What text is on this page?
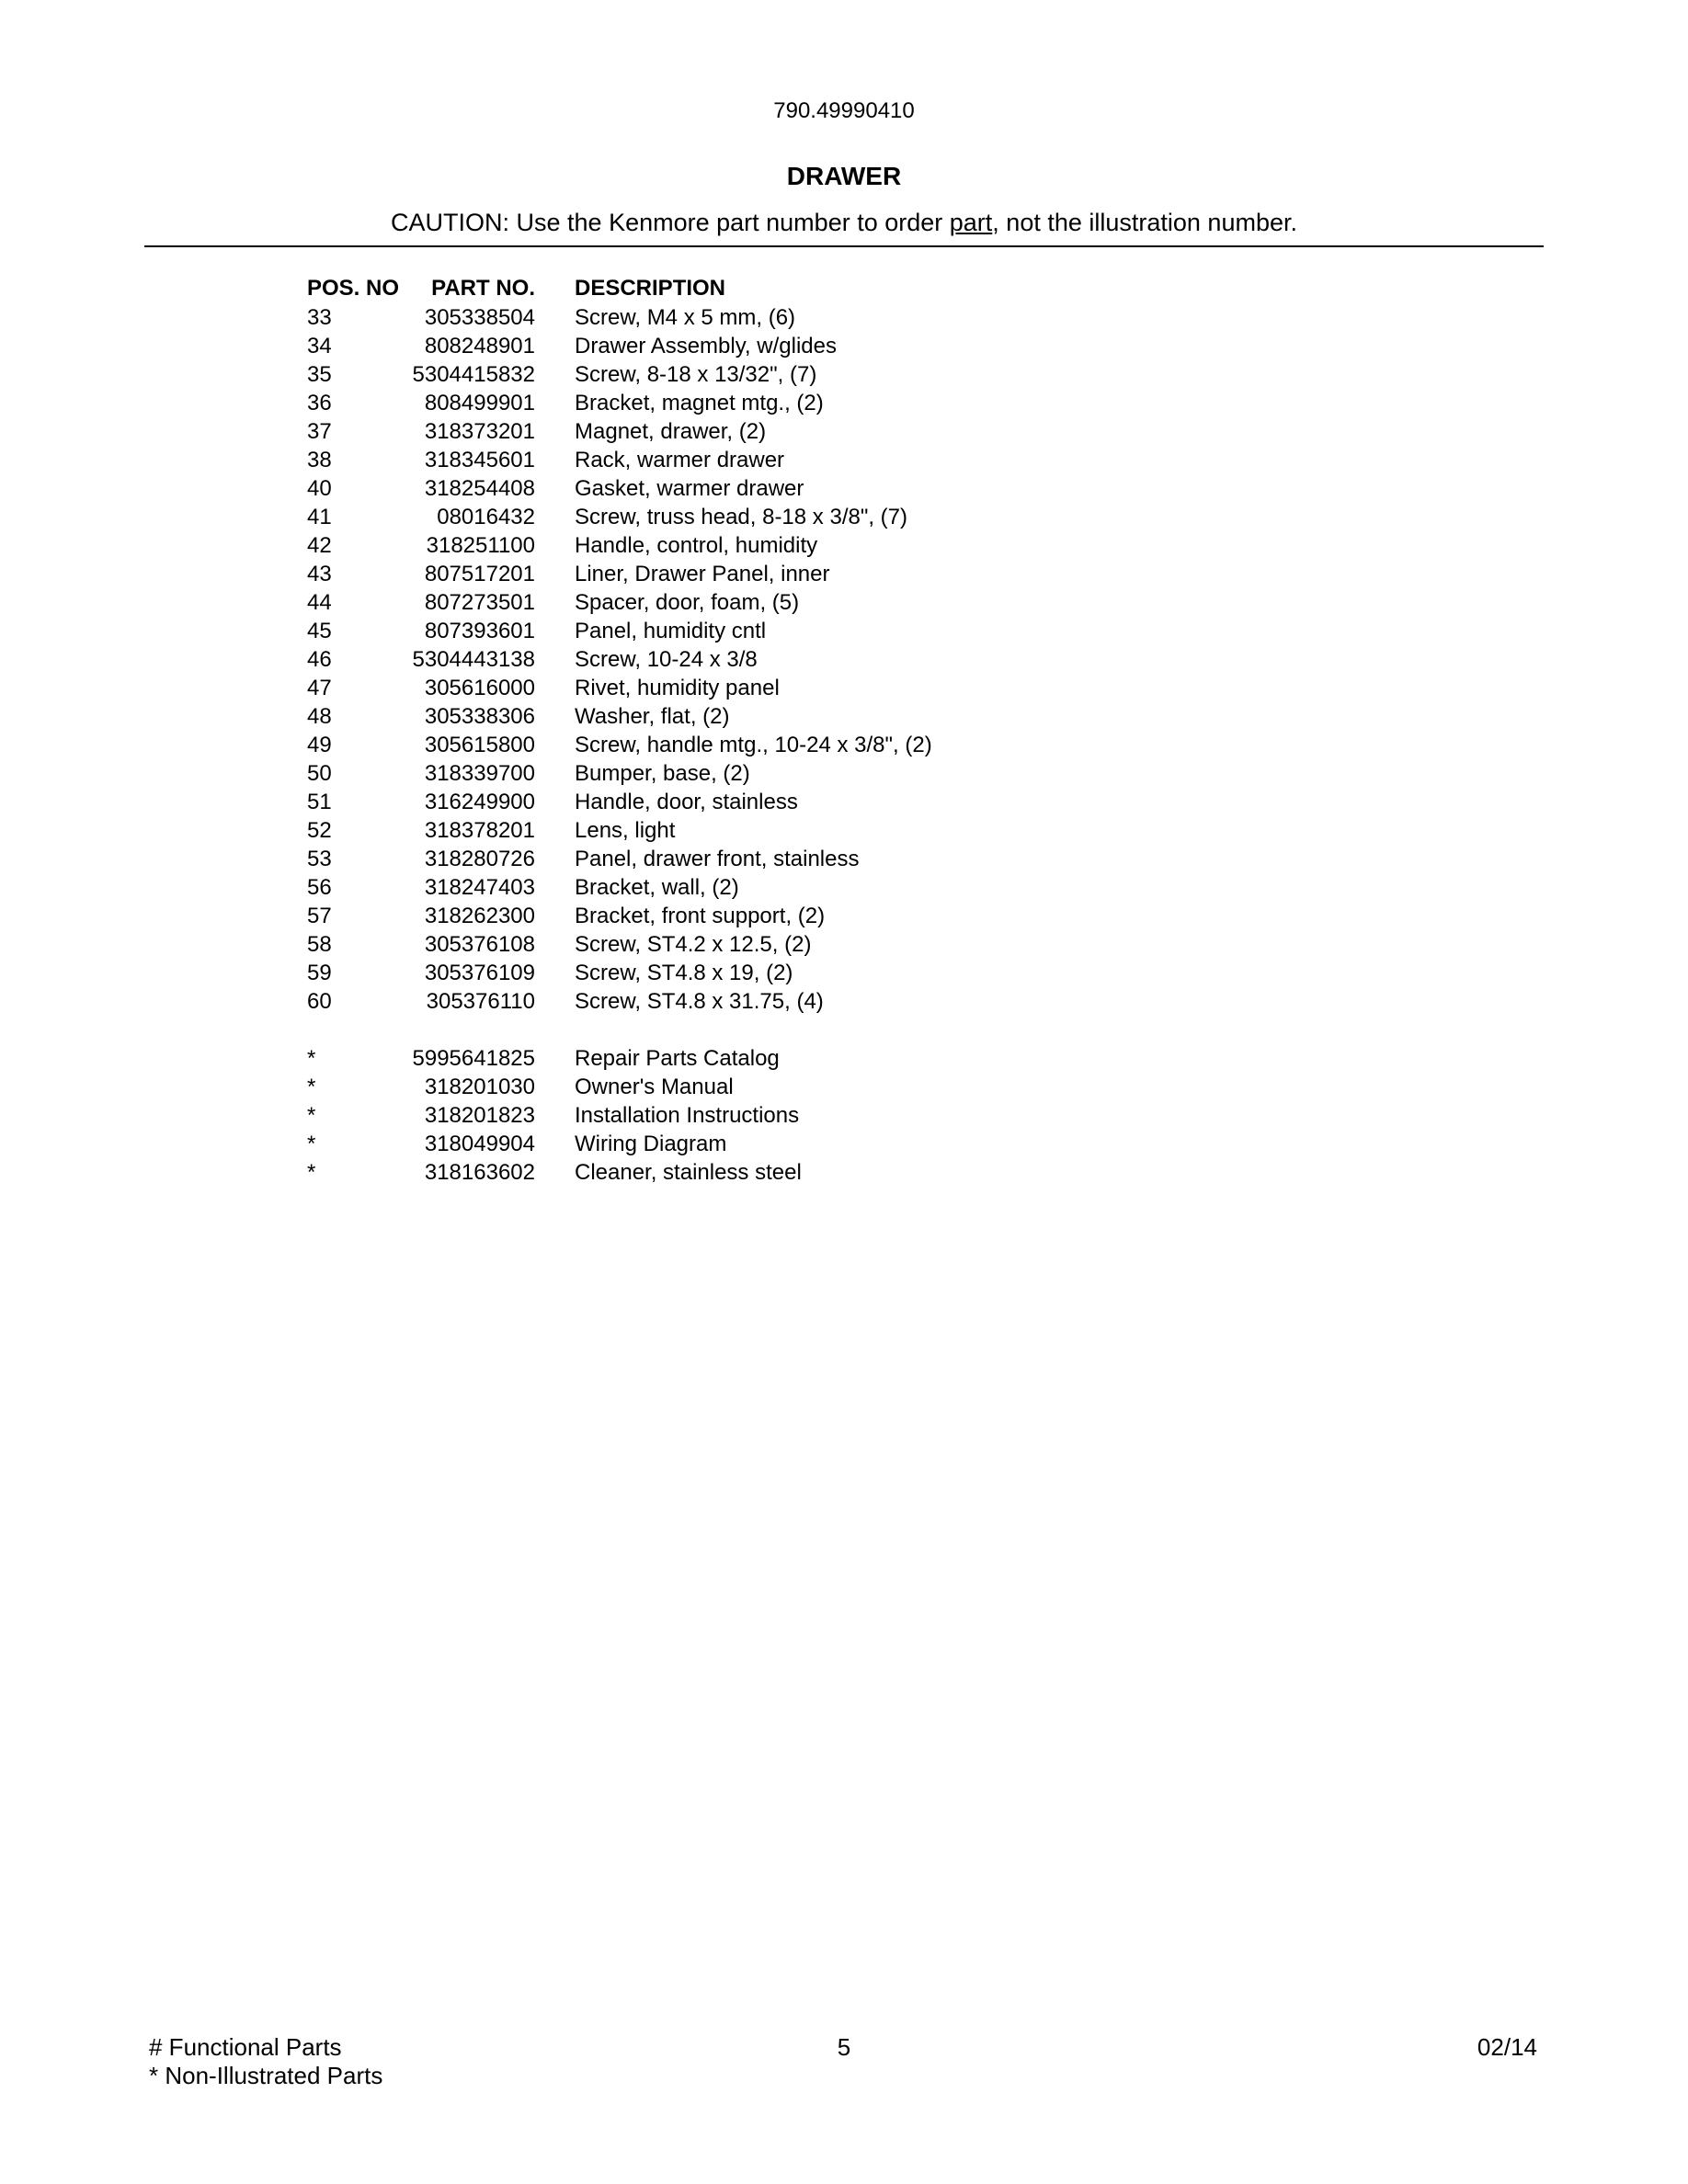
790.49990410
DRAWER
CAUTION: Use the Kenmore part number to order part, not the illustration number.
POS. NO	PART NO. DESCRIPTION
33	305338504 Screw, M4 x 5 mm, (6)
34	808248901 Drawer Assembly, w/glides
35	5304415832 Screw, 8-18 x 13/32", (7)
36	808499901 Bracket, magnet mtg., (2)
37	318373201 Magnet, drawer, (2)
38	318345601 Rack, warmer drawer
40	318254408 Gasket, warmer drawer
41	08016432 Screw, truss head, 8-18 x 3/8", (7)
42	318251100 Handle, control, humidity
43	807517201 Liner, Drawer Panel, inner
44	807273501 Spacer, door, foam, (5)
45	807393601 Panel, humidity cntl
46	5304443138 Screw, 10-24 x 3/8
47	305616000 Rivet, humidity panel
48	305338306 Washer, flat, (2)
49	305615800 Screw, handle mtg., 10-24 x 3/8", (2)
50	318339700 Bumper, base, (2)
51	316249900 Handle, door, stainless
52	318378201 Lens, light
53	318280726 Panel, drawer front, stainless
56	318247403 Bracket, wall, (2)
57	318262300 Bracket, front support, (2)
58	305376108 Screw, ST4.2 x 12.5, (2)
59	305376109 Screw, ST4.8 x 19, (2)
60	305376110 Screw, ST4.8 x 31.75, (4)
*	5995641825 Repair Parts Catalog
*	318201030 Owner's Manual
*	318201823 Installation Instructions
*	318049904 Wiring Diagram
*	318163602 Cleaner, stainless steel
# Functional Parts
* Non-Illustrated Parts
5	02/14
